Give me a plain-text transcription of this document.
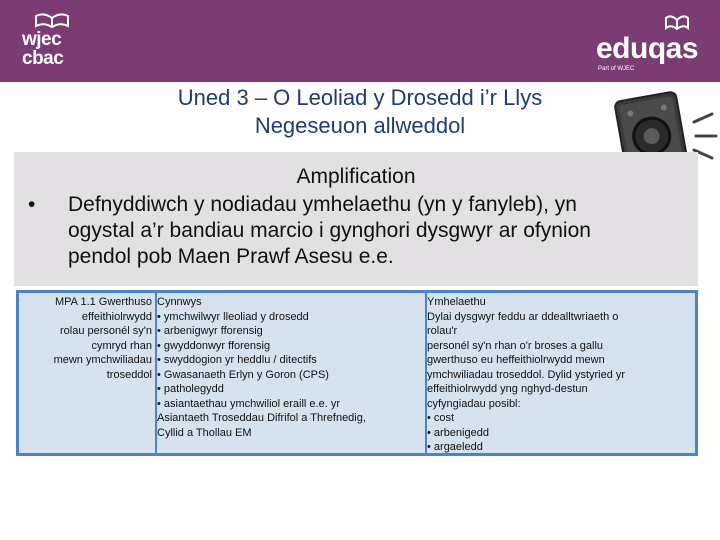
wjec
cbac	eduqas
Part of WJEC
Uned 3 – O Leoliad y Drosedd i’r Llys
Negeseuon allweddol
Amplification
• Defnyddiwch y nodiadau ymhelaethu (yn y fanyleb), yn
ogystal a’r bandiau marcio i gynghori dysgwyr ar ofynion
pendol pob Maen Prawf Asesu e.e.
MPA 1.1 Gwerthuso
effeithiolrwydd
rolau personél sy'n
cymryd rhan
mewn ymchwiliadau
troseddol
Cynnwys
• ymchwilwyr lleoliad y drosedd
• arbenigwyr fforensig
• gwyddonwyr fforensig
• swyddogion yr heddlu / ditectifs
• Gwasanaeth Erlyn y Goron (CPS)
• patholegydd
• asiantaethau ymchwiliol eraill e.e. yr
Asiantaeth Troseddau Difrifol a Threfnedig,
Cyllid a Thollau EM
Ymhelaethu
Dylai dysgwyr feddu ar ddealltwriaeth o
rolau'r
personél sy'n rhan o'r broses a gallu
gwerthuso eu heffeithiolrwydd mewn
ymchwiliadau troseddol. Dylid ystyried yr
effeithiolrwydd yng nghyd-destun
cyfyngiadau posibl:
• cost
• arbenigedd
• argaeledd
